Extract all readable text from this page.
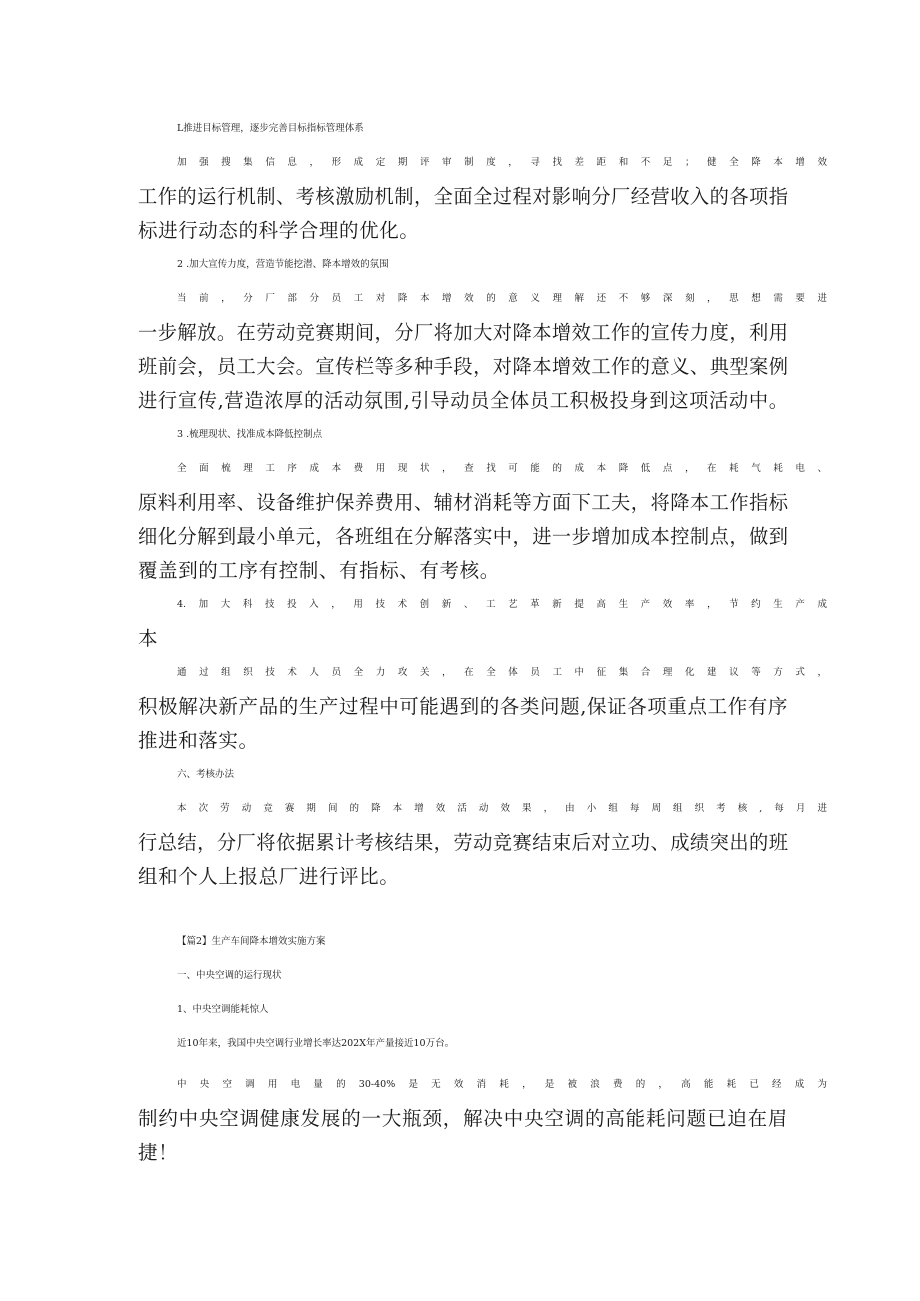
L推进目标管理，逐步完善目标指标管理体系
加强搜集信息，形成定期评审制度，寻找差距和不足；健全降本增效
工作的运行机制、考核激励机制，全面全过程对影响分厂经营收入的各项指
标进行动态的科学合理的优化。
2 .加大宣传力度，营造节能挖潜、降本增效的氛围
当前，分厂部分员工对降本增效的意义理解还不够深刻，思想需要进
一步解放。在劳动竞赛期间，分厂将加大对降本增效工作的宣传力度，利用
班前会，员工大会。宣传栏等多种手段，对降本增效工作的意义、典型案例
进行宣传,营造浓厚的活动氛围,引导动员全体员工积极投身到这项活动中。
3 .梳理现状、找准成本降低控制点
全面梳理工序成本费用现状，查找可能的成本降低点，在耗气耗电、
原料利用率、设备维护保养费用、辅材消耗等方面下工夫，将降本工作指标
细化分解到最小单元，各班组在分解落实中，进一步增加成本控制点，做到
覆盖到的工序有控制、有指标、有考核。
4.加大科技投入，用技术创新、工艺革新提高生产效率，节约生产成
本
通过组织技术人员全力攻关，在全体员工中征集合理化建议等方式，
积极解决新产品的生产过程中可能遇到的各类问题,保证各项重点工作有序
推进和落实。
六、考核办法
本次劳动竞赛期间的降本增效活动效果，由小组每周组织考核,每月进
行总结，分厂将依据累计考核结果，劳动竞赛结束后对立功、成绩突出的班
组和个人上报总厂进行评比。
【篇2】生产车间降本增效实施方案
一、中央空调的运行现状
1、中央空调能耗惊人
近10年来，我国中央空调行业增长率达202X年产量接近10万台。
中央空调用电量的30-40%是无效消耗，是被浪费的，高能耗已经成为
制约中央空调健康发展的一大瓶颈，解决中央空调的高能耗问题已迫在眉
捷！
